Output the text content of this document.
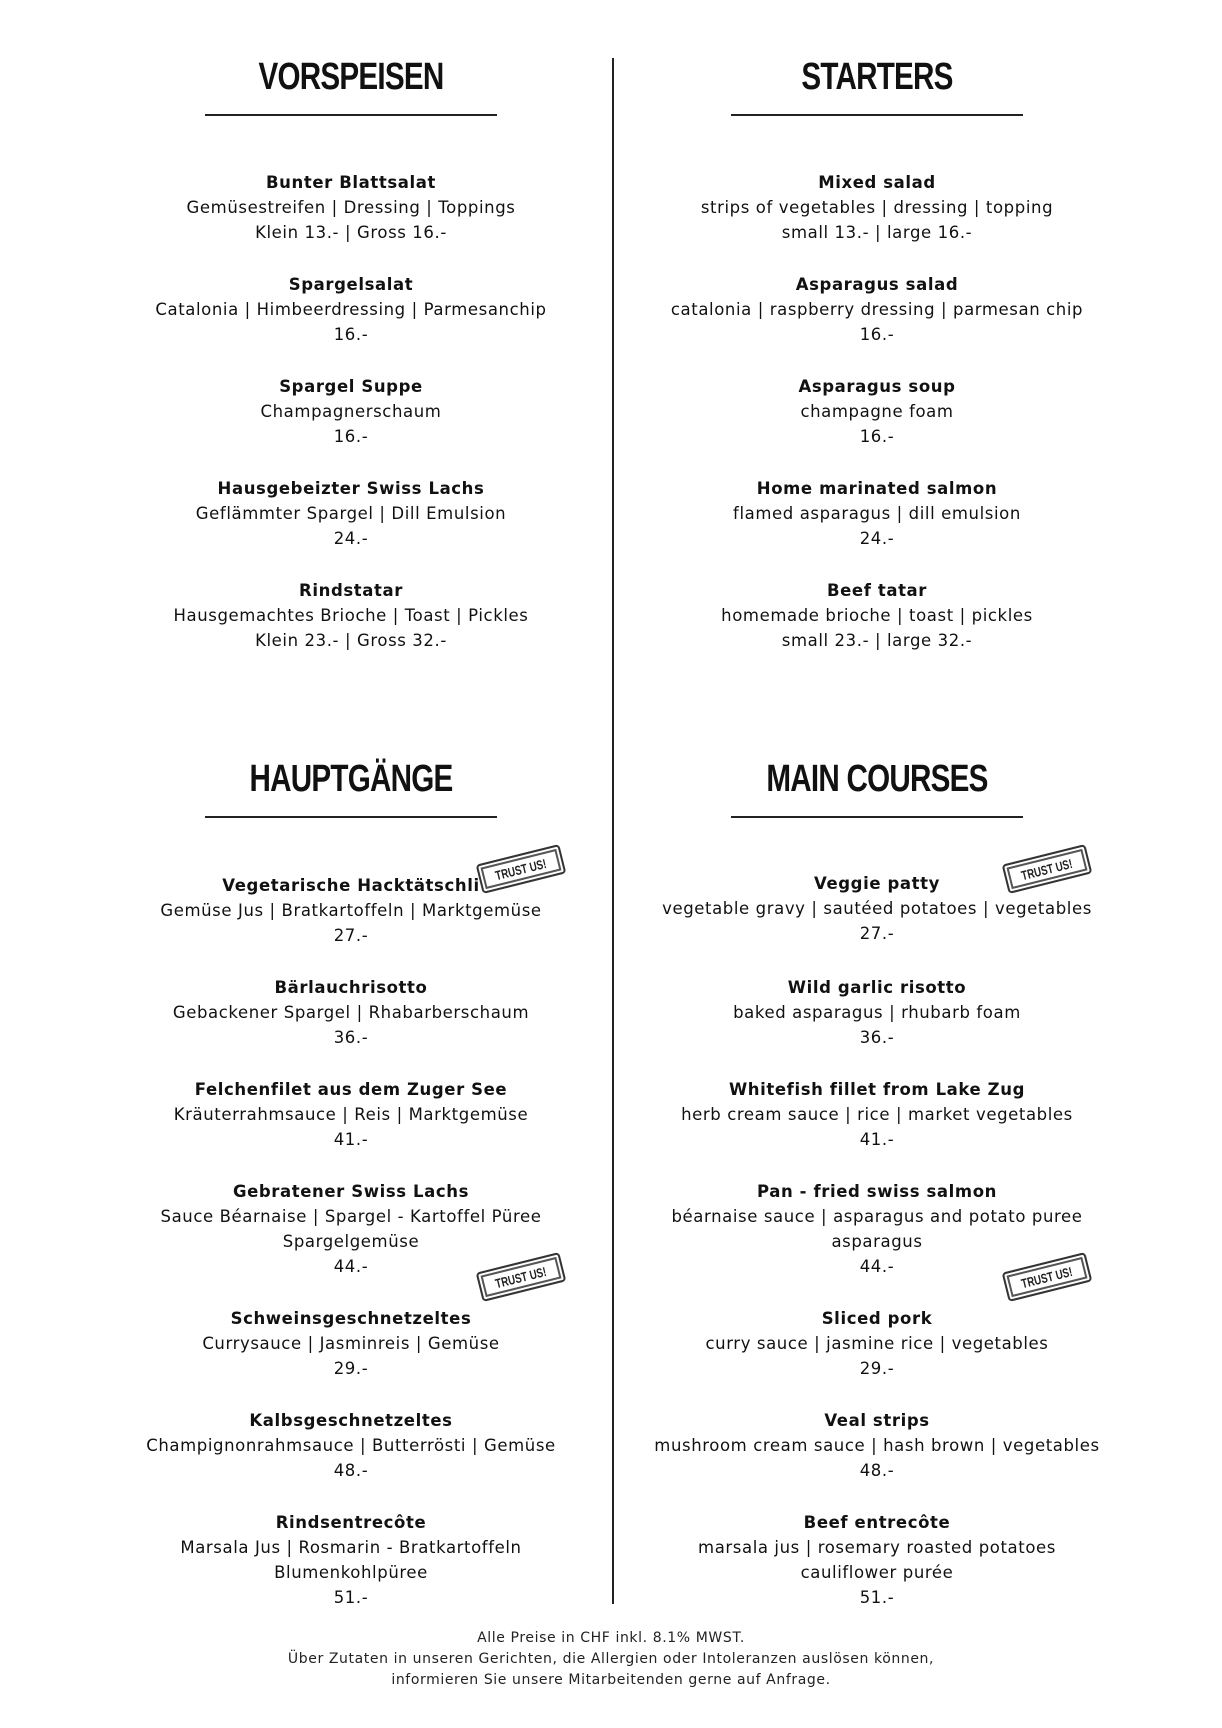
VORSPEISEN
Bunter Blattsalat
Gemüsestreifen | Dressing | Toppings
Klein 13.- | Gross 16.-
Spargelsalat
Catalonia | Himbeerdressing | Parmesanchip
16.-
Spargel Suppe
Champagnerschaum
16.-
Hausgebeizter Swiss Lachs
Geflämmter Spargel | Dill Emulsion
24.-
Rindstatar
Hausgemachtes Brioche | Toast | Pickles
Klein 23.- | Gross 32.-
HAUPTGÄNGE
Vegetarische Hacktätschli
Gemüse Jus | Bratkartoffeln | Marktgemüse
27.-
Bärlauchrisotto
Gebackener Spargel | Rhabarberschaum
36.-
Felchenfilet aus dem Zuger See
Kräuterrahmsauce | Reis | Marktgemüse
41.-
Gebratener Swiss Lachs
Sauce Béarnaise | Spargel - Kartoffel Püree
Spargelgemüse
44.-
Schweinsgeschnetzeltes
Currysauce | Jasminreis | Gemüse
29.-
Kalbsgeschnetzeltes
Champignonrahmsauce | Butterrösti | Gemüse
48.-
Rindsentrecôte
Marsala Jus | Rosmarin - Bratkartoffeln
Blumenkohlpüree
51.-
TRUST US!
TRUST US!
STARTERS
Mixed salad
strips of vegetables | dressing | topping
small 13.- | large 16.-
Asparagus salad
catalonia | raspberry dressing | parmesan chip
16.-
Asparagus soup
champagne foam
16.-
Home marinated salmon
flamed asparagus | dill emulsion
24.-
Beef tatar
homemade brioche | toast | pickles
small 23.- | large 32.-
MAIN COURSES
Veggie patty
vegetable gravy | sautéed potatoes | vegetables
27.-
Wild garlic risotto
baked asparagus | rhubarb foam
36.-
Whitefish fillet from Lake Zug
herb cream sauce | rice | market vegetables
41.-
Pan - fried swiss salmon
béarnaise sauce | asparagus and potato puree
asparagus
44.-
Sliced pork
curry sauce | jasmine rice | vegetables
29.-
Veal strips
mushroom cream sauce | hash brown | vegetables
48.-
Beef entrecôte
marsala jus | rosemary roasted potatoes
cauliflower purée
51.-
TRUST US!
TRUST US!
Alle Preise in CHF inkl. 8.1% MWST.
Über Zutaten in unseren Gerichten, die Allergien oder Intoleranzen auslösen können,
informieren Sie unsere Mitarbeitenden gerne auf Anfrage.
